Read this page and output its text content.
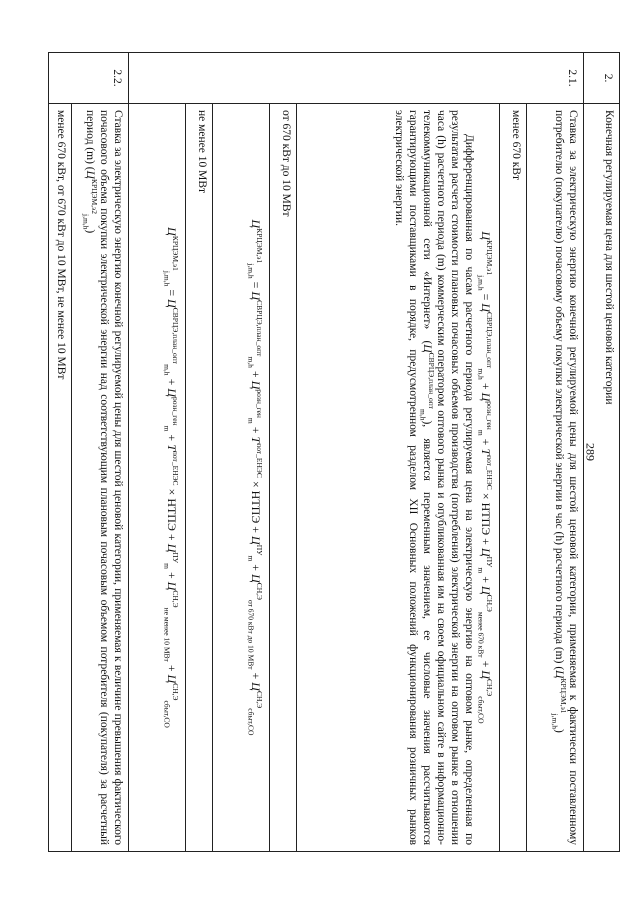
289
2.	Конечная регулируемая цена для шестой ценовой категории
2.1.	Ставка за электрическую энергию конечной регулируемой цены для шестой ценовой категории, применяемая к фактически поставленному потребителю (покупателю) почасовому объему покупки электрической энергии в час (h) расчетного периода (m) $(Ц^{КРЦЭМ,э1}_{j,m,h})$
	менее 670 кВт

	$Ц^{КРЦЭМ,э1}_{j,m,h} = Ц^{СВРЦЭ,план\_опт}_{m,h} + Ц^{розн\_ген}_m + Т^{пот\_ЕНЭС}$ × НТПЭ + $Ц^{ПУ}_m + Ц^{СН,Э}_{менее 670 кВт} + Ц^{СН,Э}_{сбыт,СО}$
Дифференцированная по часам расчетного периода регулируемая цена на электрическую энергию на оптовом рынке, определенная по результатам расчета стоимости плановых почасовых объемов производства (потребления) электрической энергии на оптовом рынке в отношении часа (h) расчетного периода (m) коммерческим оператором оптового рынка и опубликованная им на своем официальном сайте в информационно-телекоммуникационной сети «Интернет» $(Ц^{СВРЦЭ,план\_опт}_{m,h})$, является переменным значением, ее числовые значения рассчитываются гарантирующими поставщиками в порядке, предусмотренном разделом XII Основных положений функционирования розничных рынков электрической энергии.

	от 670 кВт до 10 МВт

	$Ц^{КРЦЭМ,э1}_{j,m,h} = Ц^{СВРЦЭ,план\_опт}_{m,h} + Ц^{розн\_ген}_m + Т^{пот\_ЕНЭС}$ × НТПЭ + $Ц^{ПУ}_m + Ц^{СН,Э}_{от 670 кВт до 10 МВт} + Ц^{СН,Э}_{сбыт,СО}$

	не менее 10 МВт

	$Ц^{КРЦЭМ,э1}_{j,m,h} = Ц^{СВРЦЭ,план\_опт}_{m,h} + Ц^{розн\_ген}_m + Т^{пот\_ЕНЭС}$ × НТПЭ + $Ц^{ПУ}_m + Ц^{СН,Э}_{не менее 10 МВт} + Ц^{СН,Э}_{сбыт,СО}$

2.2.	Ставка за электрическую энергию конечной регулируемой цены для шестой ценовой категории, применяемая к величине превышения фактического почасового объема покупки электрической энергии над соответствующим плановым почасовым объемом потребителя (покупателя) за расчетный период (m) $(Ц^{КРЦЭМ,э2}_{j,m,h})$
	менее 670 кВт, от 670 кВт до 10 МВт, не менее 10 МВт
